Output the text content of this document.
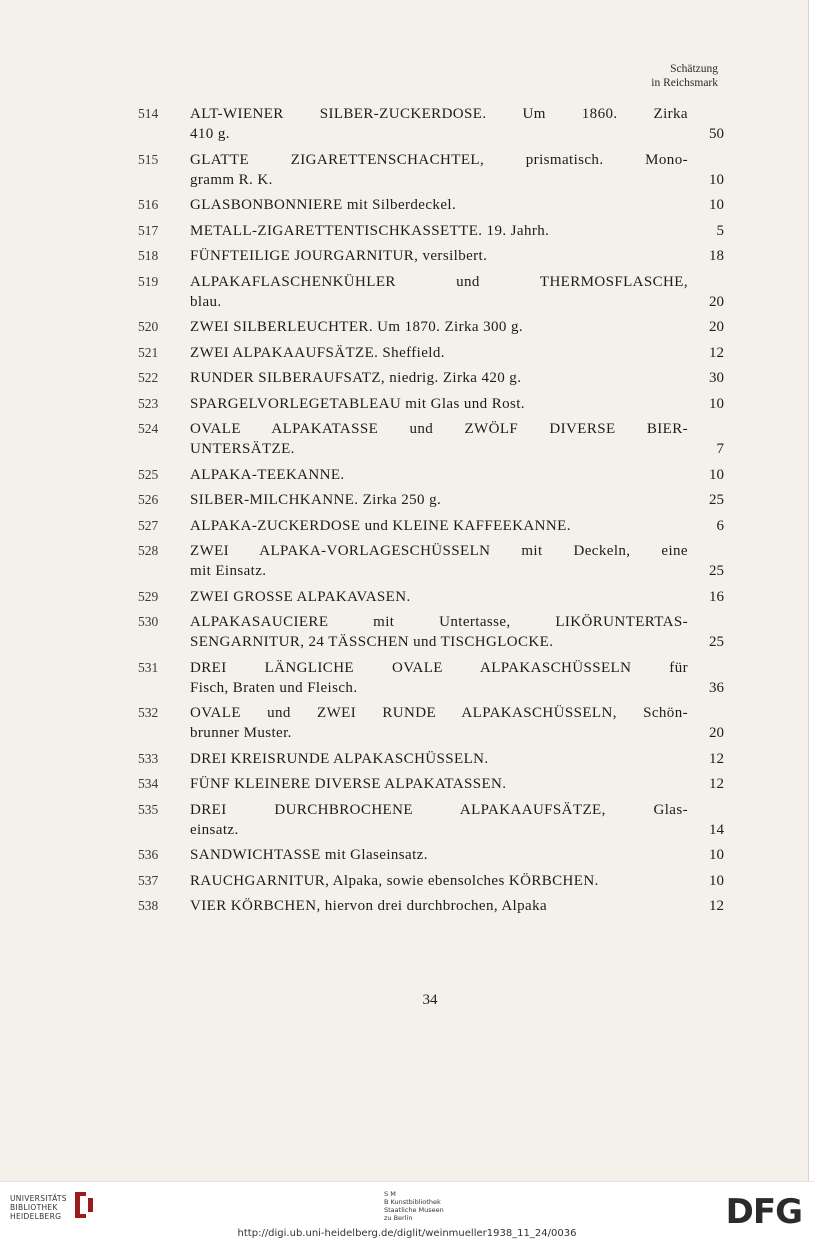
Schätzung
in Reichsmark
514 ALT-WIENER SILBER-ZUCKERDOSE. Um 1860. Zirka
410 g.	50
515 GLATTE ZIGARETTENSCHACHTEL, prismatisch. Mono-
gramm R. K.	10
516 GLASBONBONNIERE mit Silberdeckel.	10
517 METALL-ZIGARETTENTISCHKASSETTE. 19. Jahrh.	5
518 FÜNFTEILIGE JOURGARNITUR, versilbert.	18
519 ALPAKAFLASCHENKÜHLER und THERMOSFLASCHE,
blau.	20
520 ZWEI SILBERLEUCHTER. Um 1870. Zirka 300 g.	20
521 ZWEI ALPAKAAUFSÄTZE. Sheffield.	12
522 RUNDER SILBERAUFSATZ, niedrig. Zirka 420 g.	30
523 SPARGELVORLEGETABLEAU mit Glas und Rost.	10
524 OVALE ALPAKATASSE und ZWÖLF DIVERSE BIER-
UNTERSÄTZE.	7
525 ALPAKA-TEEKANNE.	10
526 SILBER-MILCHKANNE. Zirka 250 g.	25
527 ALPAKA-ZUCKERDOSE und KLEINE KAFFEEKANNE.	6
528 ZWEI ALPAKA-VORLAGESCHÜSSELN mit Deckeln, eine
mit Einsatz.	25
529 ZWEI GROSSE ALPAKAVASEN.	16
530 ALPAKASAUCIERE mit Untertasse, LIKÖRUNTERTAS-
SENGARNITUR, 24 TÄSSCHEN und TISCHGLOCKE.	25
531 DREI LÄNGLICHE OVALE ALPAKASCHÜSSELN für
Fisch, Braten und Fleisch.	36
532 OVALE und ZWEI RUNDE ALPAKASCHÜSSELN, Schön-
brunner Muster.	20
533 DREI KREISRUNDE ALPAKASCHÜSSELN.	12
534 FÜNF KLEINERE DIVERSE ALPAKATASSEN.	12
535 DREI DURCHBROCHENE ALPAKAAUFSÄTZE, Glas-
einsatz.	14
536 SANDWICHTASSE mit Glaseinsatz.	10
537 RAUCHGARNITUR, Alpaka, sowie ebensolches KÖRBCHEN.	10
538 VIER KÖRBCHEN, hiervon drei durchbrochen, Alpaka	12
34
UNIVERSITÄTS
BIBLIOTHEK
HEIDELBERG
S M
B Kunstbibliothek
Staatliche Museen
zu Berlin	DFG
http://digi.ub.uni-heidelberg.de/diglit/weinmueller1938_11_24/0036
